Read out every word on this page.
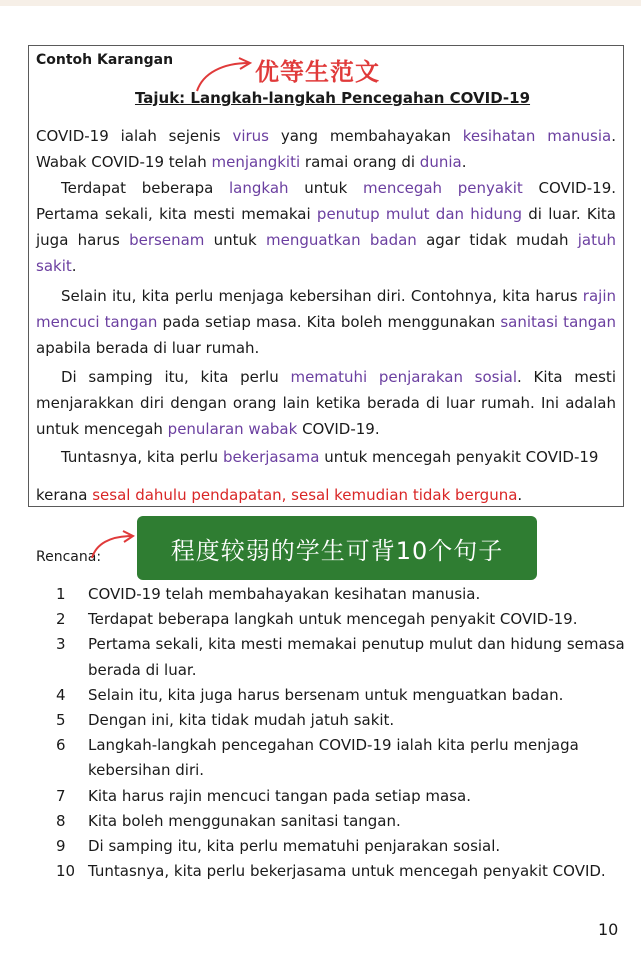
Contoh Karangan	优等生范文
Tajuk: Langkah-langkah Pencegahan COVID-19

COVID-19 ialah sejenis virus yang membahayakan kesihatan manusia. Wabak COVID-19 telah menjangkiti ramai orang di dunia.

Terdapat beberapa langkah untuk mencegah penyakit COVID-19. Pertama sekali, kita mesti memakai penutup mulut dan hidung di luar. Kita juga harus bersenam untuk menguatkan badan agar tidak mudah jatuh sakit.

Selain itu, kita perlu menjaga kebersihan diri. Contohnya, kita harus rajin mencuci tangan pada setiap masa. Kita boleh menggunakan sanitasi tangan apabila berada di luar rumah.

Di samping itu, kita perlu mematuhi penjarakan sosial. Kita mesti menjarakkan diri dengan orang lain ketika berada di luar rumah. Ini adalah untuk mencegah penularan wabak COVID-19.

Tuntasnya, kita perlu bekerjasama untuk mencegah penyakit COVID-19

kerana sesal dahulu pendapatan, sesal kemudian tidak berguna.
Rencana:	程度较弱的学生可背10个句子
1	COVID-19 telah membahayakan kesihatan manusia.
2	Terdapat beberapa langkah untuk mencegah penyakit COVID-19.
3	Pertama sekali, kita mesti memakai penutup mulut dan hidung semasa berada di luar.
4	Selain itu, kita juga harus bersenam untuk menguatkan badan.
5	Dengan ini, kita tidak mudah jatuh sakit.
6	Langkah-langkah pencegahan COVID-19 ialah kita perlu menjaga kebersihan diri.
7	Kita harus rajin mencuci tangan pada setiap masa.
8	Kita boleh menggunakan sanitasi tangan.
9	Di samping itu, kita perlu mematuhi penjarakan sosial.
10 Tuntasnya, kita perlu bekerjasama untuk mencegah penyakit COVID.
10
